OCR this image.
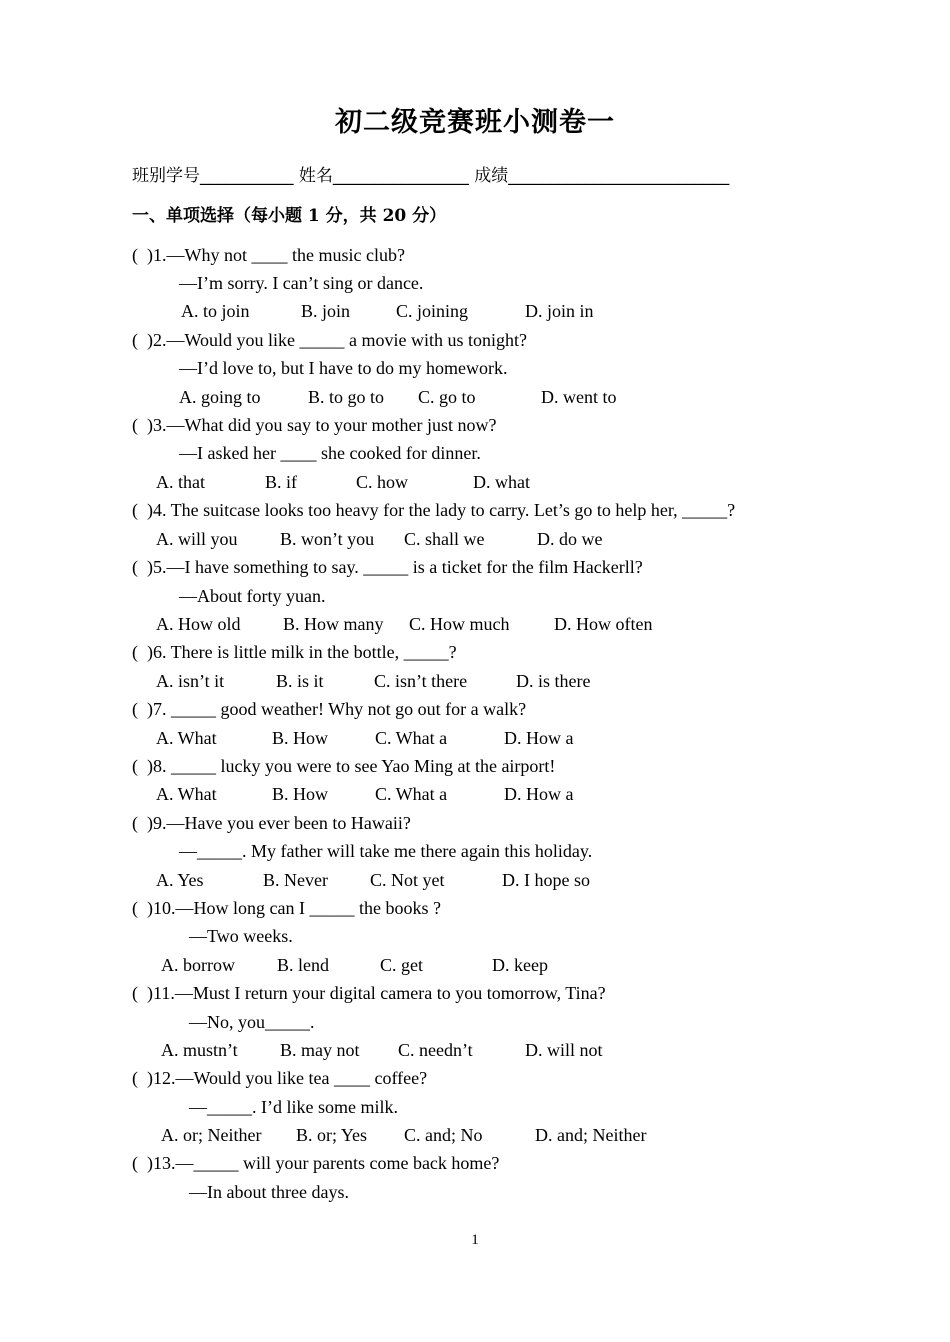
初二级竞赛班小测卷一
班别学号___________ 姓名________________ 成绩__________________________
一、单项选择（每小题 1 分，共 20 分）
(  )1.—Why not ____ the music club?
—I’m sorry. I can’t sing or dance.
A. to join	B. join	C. joining	D. join in
(  )2.—Would you like _____ a movie with us tonight?
—I’d love to, but I have to do my homework.
A. going to	B. to go to C. go to	D. went to
(  )3.—What did you say to your mother just now?
—I asked her ____ she cooked for dinner.
A. that	B. if	C. how	D. what
(  )4. The suitcase looks too heavy for the lady to carry. Let’s go to help her, _____?
A. will you B. won’t you C. shall we	D. do we
(  )5.—I have something to say. _____ is a ticket for the film Hackerll?
—About forty yuan.
A. How old B. How many C. How much D. How often
(  )6. There is little milk in the bottle, _____?
A. isn’t it	B. is it	C. isn’t there	D. is there
(  )7. _____ good weather! Why not go out for a walk?
A. What	B. How	C. What a	D. How a
(  )8. _____ lucky you were to see Yao Ming at the airport!
A. What	B. How	C. What a	D. How a
(  )9.—Have you ever been to Hawaii?
—_____. My father will take me there again this holiday.
A. Yes	B. Never C. Not yet	D. I hope so
(  )10.—How long can I _____ the books ?
—Two weeks.
A. borrow B. lend	C. get	D. keep
(  )11.—Must I return your digital camera to you tomorrow, Tina?
—No, you_____.
A. mustn’t B. may not C. needn’t	D. will not
(  )12.—Would you like tea ____ coffee?
—_____. I’d like some milk.
A. or; Neither B. or; Yes C. and; No	D. and; Neither
(  )13.—_____ will your parents come back home?
—In about three days.
1
